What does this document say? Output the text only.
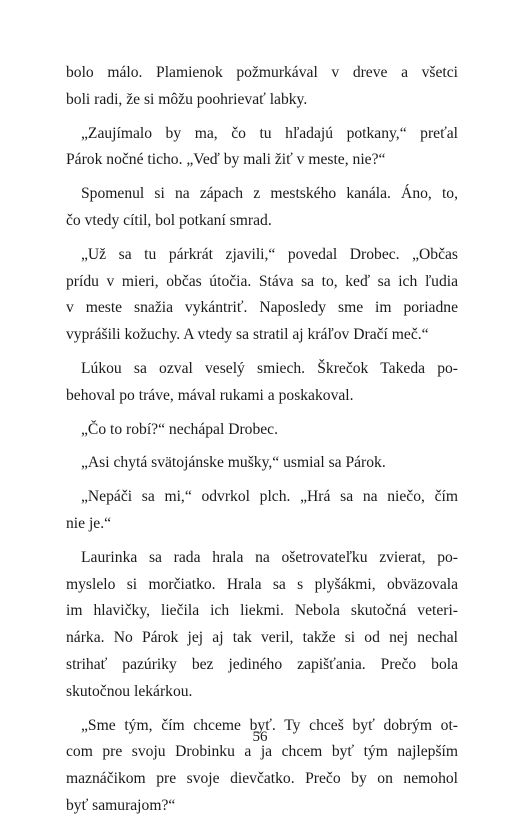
bolo málo. Plamienok požmurkával v dreve a všetci
boli radi, že si môžu poohrievať labky.
„Zaujímalo by ma, čo tu hľadajú potkany,“ preťal
Párok nočné ticho. „Veď by mali žiť v meste, nie?“
Spomenul si na zápach z mestského kanála. Áno, to,
čo vtedy cítil, bol potkaní smrad.
„Už sa tu párkrát zjavili,“ povedal Drobec. „Občas
prídu v mieri, občas útočia. Stáva sa to, keď sa ich ľudia
v meste snažia vykántriť. Naposledy sme im poriadne
vyprášili kožuchy. A vtedy sa stratil aj kráľov Dračí meč.“
Lúkou sa ozval veselý smiech. Škrečok Takeda po-
behoval po tráve, mával rukami a poskakoval.
„Čo to robí?“ nechápal Drobec.
„Asi chytá svätojánske mušky,“ usmial sa Párok.
„Nepáči sa mi,“ odvrkol plch. „Hrá sa na niečo, čím
nie je.“
Laurinka sa rada hrala na ošetrovateľku zvierat, po-
myslelo si morčiatko. Hrala sa s plyšákmi, obväzovala
im hlavičky, liečila ich liekmi. Nebola skutočná veteri-
nárka. No Párok jej aj tak veril, takže si od nej nechal
strihať pazúriky bez jediného zapišťania. Prečo bola
skutočnou lekárkou.
„Sme tým, čím chceme byť. Ty chceš byť dobrým ot-
com pre svoju Drobinku a ja chcem byť tým najlepším
maznáčikom pre svoje dievčatko. Prečo by on nemohol
byť samurajom?“
56
